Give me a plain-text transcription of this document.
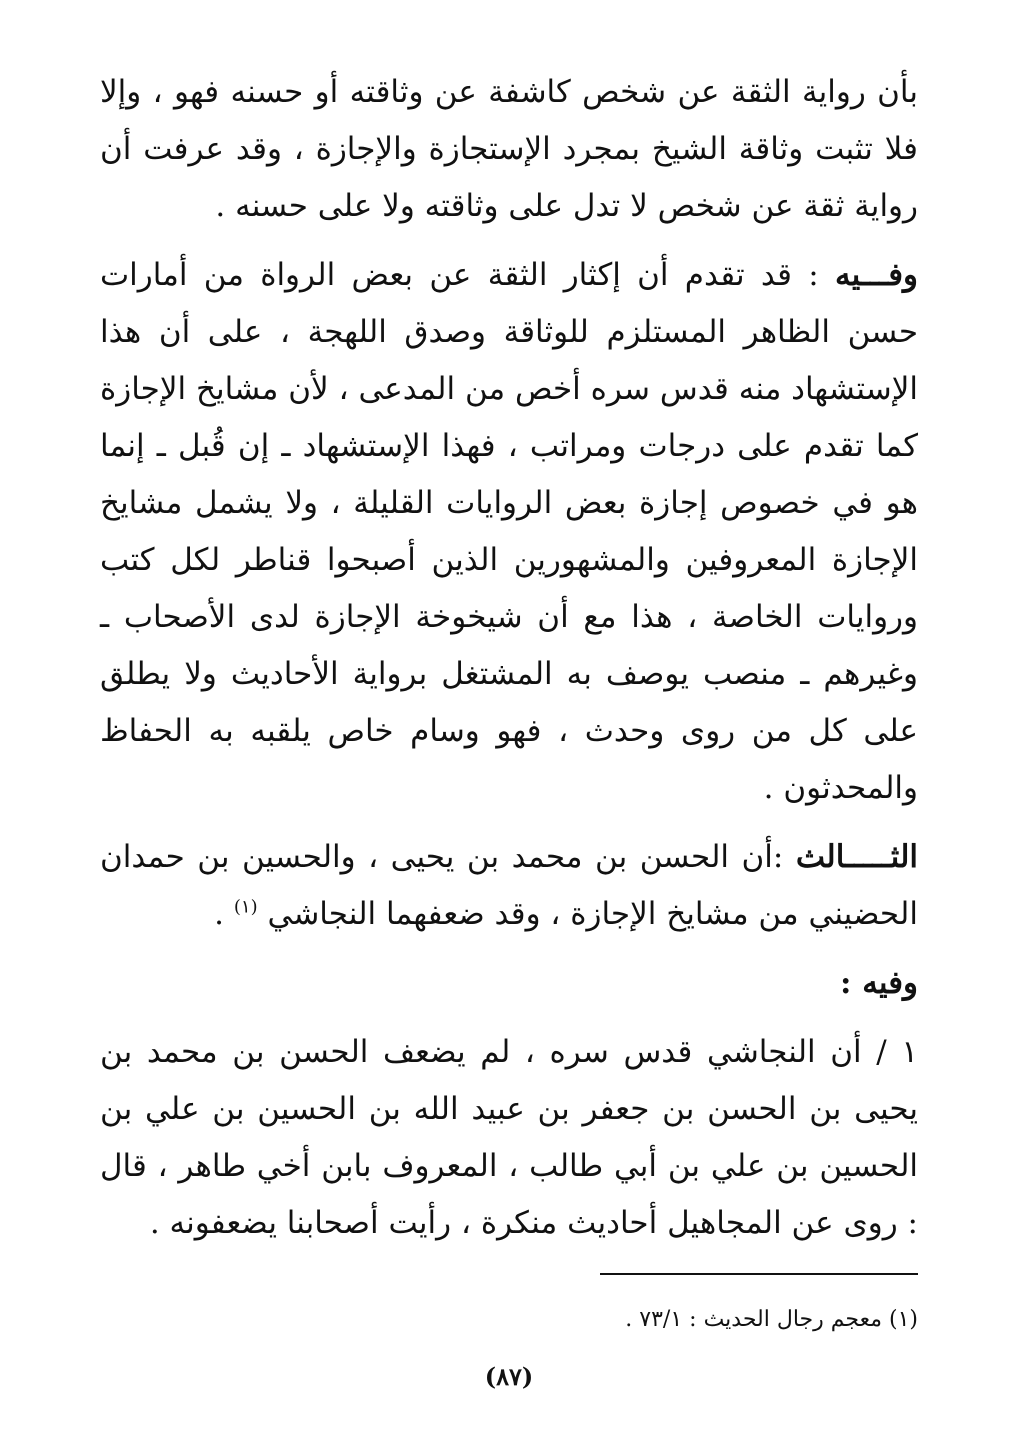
بأن رواية الثقة عن شخص كاشفة عن وثاقته أو حسنه فهو ، وإلا فلا تثبت وثاقة الشيخ بمجرد الإستجازة والإجازة ، وقد عرفت أن رواية ثقة عن شخص لا تدل على وثاقته ولا على حسنه .

وفـــيه : قد تقدم أن إكثار الثقة عن بعض الرواة من أمارات حسن الظاهر المستلزم للوثاقة وصدق اللهجة ، على أن هذا الإستشهاد منه قدس سره أخص من المدعى ، لأن مشايخ الإجازة كما تقدم على درجات ومراتب ، فهذا الإستشهاد ـ إن قُبل ـ إنما هو في خصوص إجازة بعض الروايات القليلة ، ولا يشمل مشايخ الإجازة المعروفين والمشهورين الذين أصبحوا قناطر لكل كتب وروايات الخاصة ، هذا مع أن شيخوخة الإجازة لدى الأصحاب ـ وغيرهم ـ منصب يوصف به المشتغل برواية الأحاديث ولا يطلق على كل من روى وحدث ، فهو وسام خاص يلقبه به الحفاظ والمحدثون .

الثـــــالث :أن الحسن بن محمد بن يحيى ، والحسين بن حمدان الحضيني من مشايخ الإجازة ، وقد ضعفهما النجاشي $^{(١)}$ .

وفيه :

١ / أن النجاشي قدس سره ، لم يضعف الحسن بن محمد بن يحيى بن الحسن بن جعفر بن عبيد الله بن الحسين بن علي بن الحسين بن علي بن أبي طالب ، المعروف بابن أخي طاهر ، قال : روى عن المجاهيل أحاديث منكرة ، رأيت أصحابنا يضعفونه .

(١) معجم رجال الحديث : ٧٣/١ .

(٨٧)
